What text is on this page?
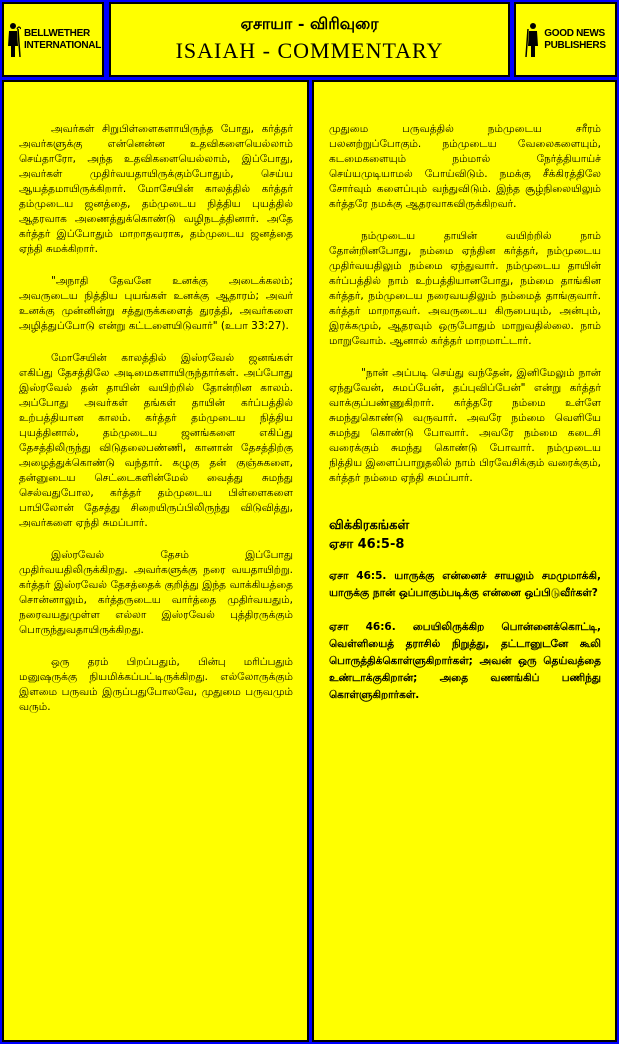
BELLWETHER
INTERNATIONAL
ஏசாயா - விரிவுரை
ISAIAH - COMMENTARY
GOOD NEWS
PUBLISHERS

அவர்கள் சிறுபிள்ளைகளாயிருந்த போது, கர்த்தர் அவர்களுக்கு என்னென்ன உதவிகளையெல்லாம் செய்தாரோ, அந்த உதவிகளையெல்லாம், இப்போது, அவர்கள் முதிர்வயதாயிருக்கும்போதும், செய்ய ஆயத்தமாயிருக்கிறார். மோசேயின் காலத்தில் கர்த்தர் தம்முடைய ஜனத்தை, தம்முடைய நித்திய புயத்தில் ஆதரவாக அணைத்துக்கொண்டு வழிநடத்தினார். அதே கர்த்தர் இப்போதும் மாறாதவராக, தம்முடைய ஜனத்தை ஏந்தி சுமக்கிறார்.

"அநாதி தேவனே உனக்கு அடைக்கலம்; அவருடைய நித்திய புயங்கள் உனக்கு ஆதாரம்; அவர் உனக்கு முன்னின்று சத்துருக்களைத் துரத்தி, அவர்களை அழித்துப்போடு என்று கட்டளையிடுவார்" (உபா 33:27).

மோசேயின் காலத்தில் இஸ்ரவேல் ஜனங்கள் எகிப்து தேசத்திலே அடிமைகளாயிருந்தார்கள். அப்போது இஸ்ரவேல் தன் தாயின் வயிற்றில் தோன்றின காலம். அப்போது அவர்கள் தங்கள் தாயின் கர்ப்பத்தில் உற்பத்தியான காலம். கர்த்தர் தம்முடைய நித்திய புயத்தினால், தம்முடைய ஜனங்களை எகிப்து தேசத்திலிருந்து விடுதலைபண்ணி, கானான் தேசத்திற்கு அழைத்துக்கொண்டு வந்தார். கழுகு தன் குஞ்சுகளை, தன்னுடைய செட்டைகளின்மேல் வைத்து சுமந்து செல்வதுபோல, கர்த்தர் தம்முடைய பிள்ளைகளை பாபிலோன் தேசத்து சிறையிருப்பிலிருந்து விடுவித்து, அவர்களை ஏந்தி சுமப்பார்.

இஸ்ரவேல் தேசம் இப்போது முதிர்வயதிலிருக்கிறது. அவர்களுக்கு நரை வயதாயிற்று. கர்த்தர் இஸ்ரவேல் தேசத்தைக் குறித்து இந்த வாக்கியத்தை சொன்னாலும், கர்த்தருடைய வார்த்தை முதிர்வயதும், நரைவயதுமுள்ள எல்லா இஸ்ரவேல் புத்திரருக்கும் பொருந்துவதாயிருக்கிறது.

ஒரு தரம் பிறப்பதும், பின்பு மரிப்பதும் மனுஷருக்கு நியமிக்கப்பட்டிருக்கிறது. எல்லோருக்கும் இளமை பருவம் இருப்பதுபோலவே, முதுமை பருவமும் வரும்.

முதுமை பருவத்தில் நம்முடைய சரீரம் பலனற்றுப்போகும். நம்முடைய வேலைகளையும், கடமைகளையும் நம்மால் நேர்த்தியாய்ச் செய்யமுடியாமல் போய்விடும். நமக்கு சீக்கிரத்திலே சோர்வும் களைப்பும் வந்துவிடும். இந்த சூழ்நிலையிலும் கர்த்தரே நமக்கு ஆதரவாகவிருக்கிறவர்.

நம்முடைய தாயின் வயிற்றில் நாம் தோன்றினபோது, நம்மை ஏந்தின கர்த்தர், நம்முடைய முதிர்வயதிலும் நம்மை ஏந்துவார். நம்முடைய தாயின் கர்ப்பத்தில் நாம் உற்பத்தியானபோது, நம்மை தாங்கின கர்த்தர், நம்முடைய நரைவயதிலும் நம்மைத் தாங்குவார். கர்த்தர் மாறாதவர். அவருடைய கிருபையும், அன்பும், இரக்கமும், ஆதரவும் ஒருபோதும் மாறுவதில்லை. நாம் மாறுவோம். ஆனால் கர்த்தர் மாறமாட்டார்.

"நான் அப்படி செய்து வந்தேன், இனிமேலும் நான் ஏந்துவேன், சுமப்பேன், தப்புவிப்பேன்" என்று கர்த்தர் வாக்குப்பண்ணுகிறார். கர்த்தரே நம்மை உள்ளே சுமந்துகொண்டு வருவார். அவரே நம்மை வெளியே சுமந்து கொண்டு போவார். அவரே நம்மை கடைசி வரைக்கும் சுமந்து கொண்டு போவார். நம்முடைய நித்திய இளைப்பாறுதலில் நாம் பிரவேசிக்கும் வரைக்கும், கர்த்தர் நம்மை ஏந்தி சுமப்பார்.

விக்கிரகங்கள்
ஏசா 46:5-8

ஏசா 46:5. யாருக்கு என்னைச் சாயலும் சமமுமாக்கி, யாருக்கு நான் ஒப்பாகும்படிக்கு என்னை ஒப்பிடுவீர்கள்?

ஏசா 46:6. பையிலிருக்கிற பொன்னைக்கொட்டி, வெள்ளியைத் தராசில் நிறுத்து, தட்டானுடனே கூலி பொருத்திக்கொள்ளுகிறார்கள்; அவன் ஒரு தெய்வத்தை உண்டாக்குகிறான்; அதை வணங்கிப் பணிந்து கொள்ளுகிறார்கள்.
